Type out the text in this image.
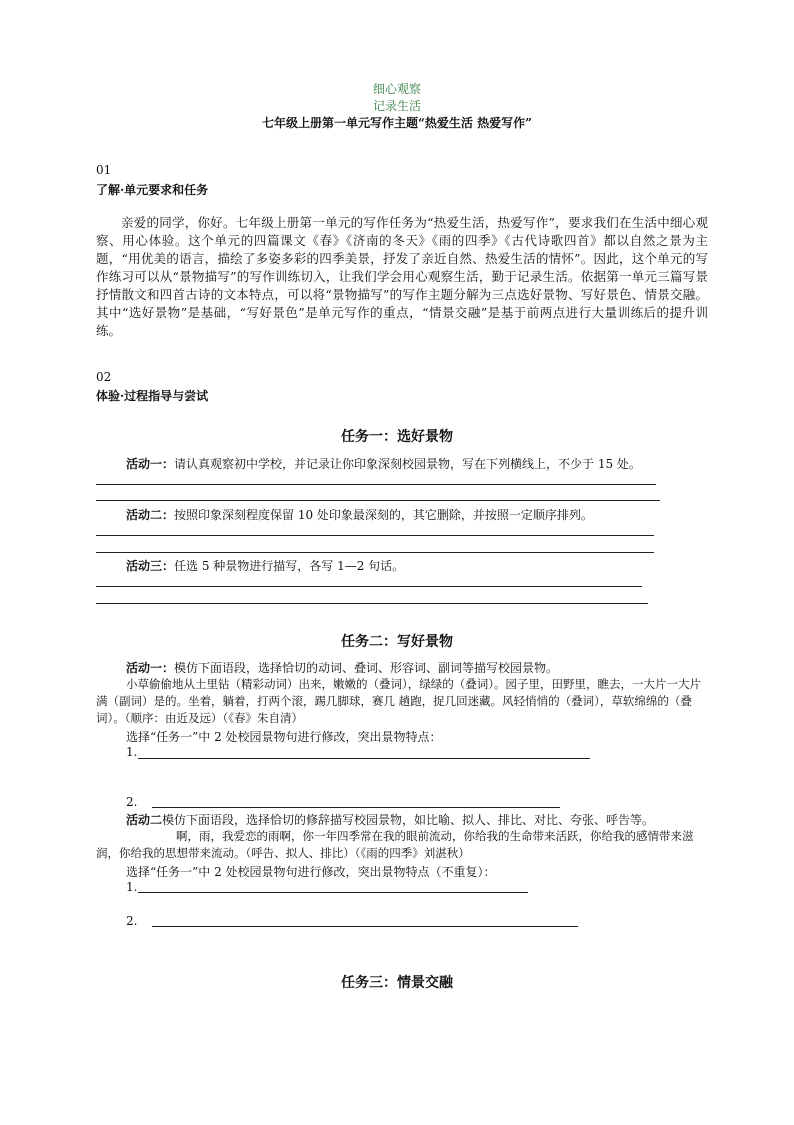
细心观察
记录生活
七年级上册第一单元写作主题“热爱生活 热爱写作”
01
了解·单元要求和任务
亲爱的同学，你好。七年级上册第一单元的写作任务为“热爱生活，热爱写作”，要求我们在生活中细心观察、用心体验。这个单元的四篇课文《春》《济南的冬天》《雨的四季》《古代诗歌四首》都以自然之景为主题，“用优美的语言，描绘了多姿多彩的四季美景，抒发了亲近自然、热爱生活的情怀”。因此，这个单元的写作练习可以从“景物描写”的写作训练切入，让我们学会用心观察生活，勤于记录生活。依据第一单元三篇写景抒情散文和四首古诗的文本特点，可以将“景物描写”的写作主题分解为三点选好景物、写好景色、情景交融。其中“选好景物”是基础，“写好景色”是单元写作的重点，“情景交融”是基于前两点进行大量训练后的提升训练。
02
体验·过程指导与尝试
任务一：选好景物
活动一：请认真观察初中学校，并记录让你印象深刻校园景物，写在下列横线上，不少于 15 处。
活动二：按照印象深刻程度保留 10 处印象最深刻的，其它删除，并按照一定顺序排列。
活动三：任选 5 种景物进行描写，各写 1—2 句话。
任务二：写好景物
活动一：模仿下面语段，选择恰切的动词、叠词、形容词、副词等描写校园景物。
小草偷偷地从土里钻（精彩动词）出来，嫩嫩的（叠词），绿绿的（叠词）。园子里，田野里，瞧去，一大片一大片满（副词）是的。坐着，躺着，打两个滚，踢几脚球，赛几 趟跑，捉几回迷藏。风轻悄悄的（叠词），草软绵绵的（叠词）。（顺序：由近及远）（《春》朱自清）
选择“任务一”中 2 处校园景物句进行修改，突出景物特点：
1.
2.
活动二模仿下面语段，选择恰切的修辞描写校园景物，如比喻、拟人、排比、对比、夸张、呼告等。
啊，雨，我爱恋的雨啊，你一年四季常在我的眼前流动，你给我的生命带来活跃，你给我的感情带来滋润，你给我的思想带来流动。（呼告、拟人、排比）（《雨的四季》刘湛秋）
选择“任务一”中 2 处校园景物句进行修改，突出景物特点（不重复）：
1.
2.
任务三：情景交融
